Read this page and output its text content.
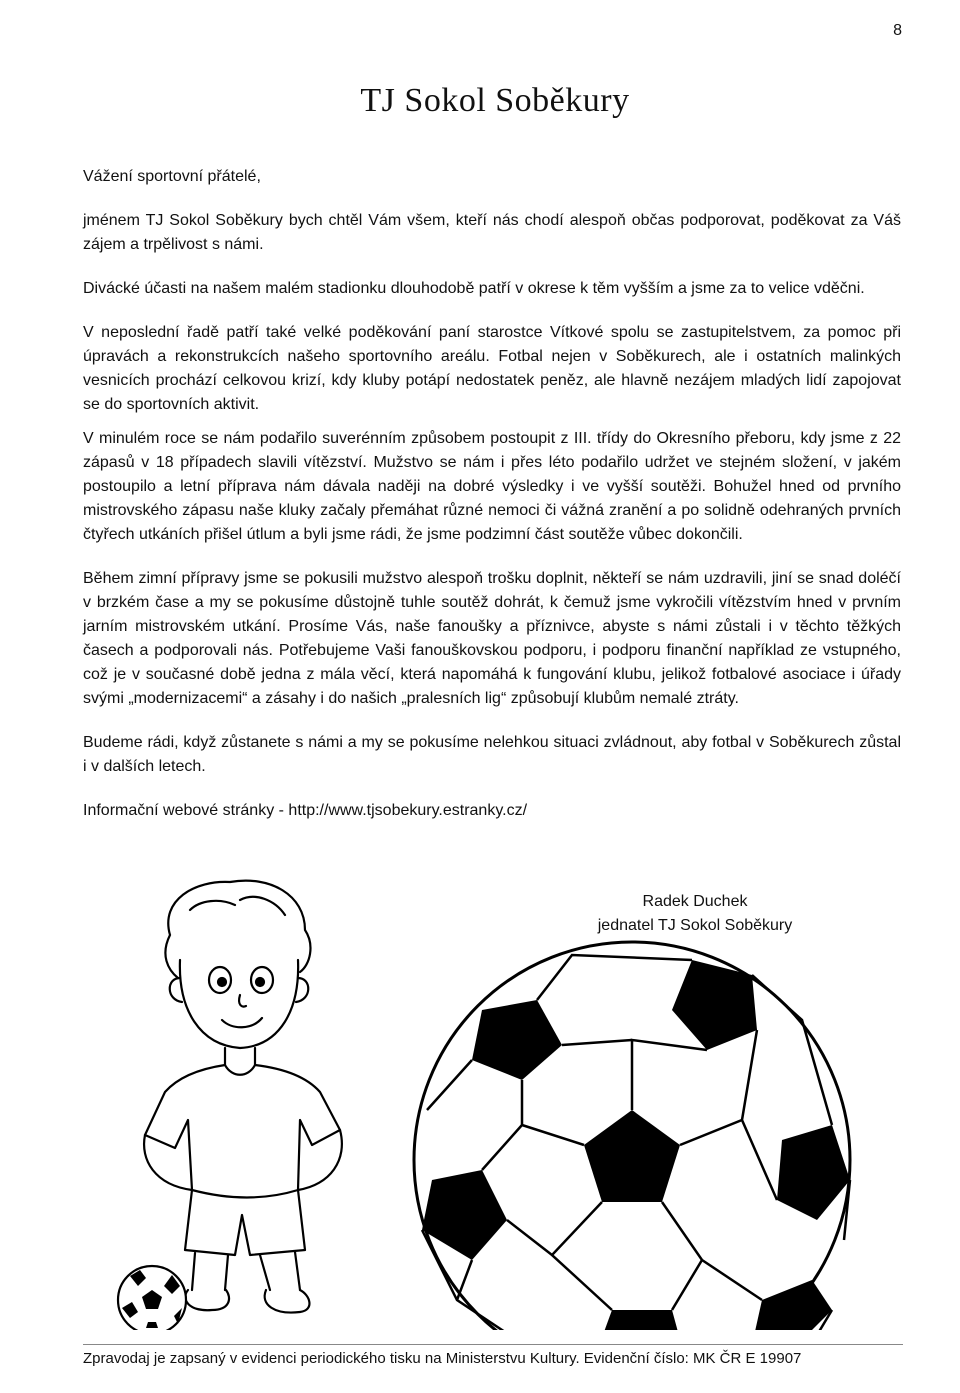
8
TJ Sokol Soběkury

Vážení sportovní přátelé,

jménem TJ Sokol Soběkury bych chtěl Vám všem, kteří nás chodí alespoň občas podporovat, poděkovat za Váš zájem a trpělivost s námi.

Divácké účasti na našem malém stadionku dlouhodobě patří v okrese k těm vyšším a jsme za to velice vděčni.

V neposlední řadě patří také velké poděkování paní starostce Vítkové spolu se zastupitelstvem, za pomoc při úpravách a rekonstrukcích našeho sportovního areálu. Fotbal nejen v Soběkurech, ale i ostatních malinkých vesnicích prochází celkovou krizí, kdy kluby potápí nedostatek peněz, ale hlavně nezájem mladých lidí zapojovat se do sportovních aktivit.

V minulém roce se nám podařilo suverénním způsobem postoupit z III. třídy do Okresního přeboru, kdy jsme z 22 zápasů v 18 případech slavili vítězství. Mužstvo se nám i přes léto podařilo udržet ve stejném složení, v jakém postoupilo a letní příprava nám dávala naději na dobré výsledky i ve vyšší soutěži. Bohužel hned od prvního mistrovského zápasu naše kluky začaly přemáhat různé nemoci či vážná zranění a po solidně odehraných prvních čtyřech utkáních přišel útlum a byli jsme rádi, že jsme podzimní část soutěže vůbec dokončili.

Během zimní přípravy jsme se pokusili mužstvo alespoň trošku doplnit, někteří se nám uzdravili, jiní se snad doléčí v brzkém čase a my se pokusíme důstojně tuhle soutěž dohrát, k čemuž jsme vykročili vítězstvím hned v prvním jarním mistrovském utkání. Prosíme Vás, naše fanoušky a příznivce, abyste s námi zůstali i v těchto těžkých časech a podporovali nás. Potřebujeme Vaši fanouškovskou podporu, i podporu finanční například ze vstupného, což je v současné době jedna z mála věcí, která napomáhá k fungování klubu, jelikož fotbalové asociace i úřady svými „modernizacemi“ a zásahy i do našich „pralesních lig“ způsobují klubům nemalé ztráty.

Budeme rádi, když zůstanete s námi a my se pokusíme nelehkou situaci zvládnout, aby fotbal v Soběkurech zůstal i v dalších letech.

Informační webové stránky - http://www.tjsobekury.estranky.cz/

Radek Duchek
jednatel TJ Sokol Soběkury
Zpravodaj je zapsaný v evidenci periodického tisku na Ministerstvu Kultury. Evidenční číslo: MK ČR E 19907
